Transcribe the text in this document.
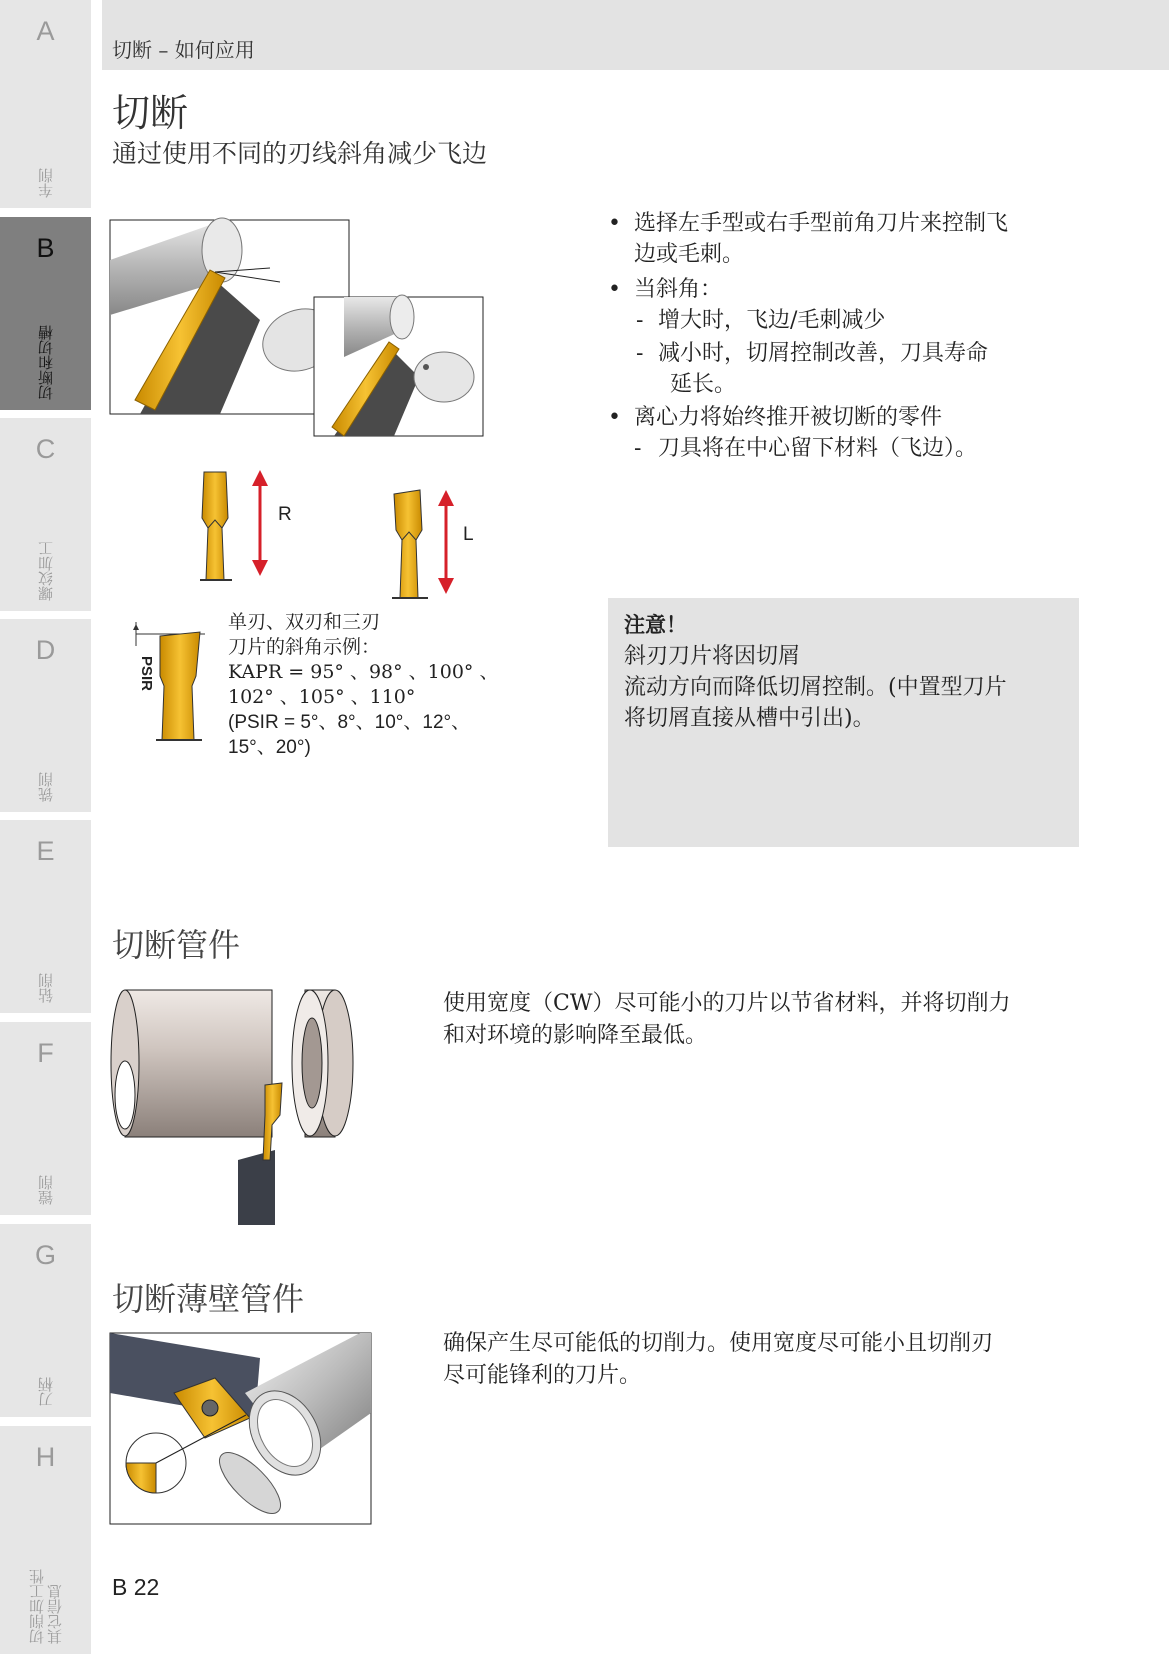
A
车削
B
切断和切槽
C
螺纹加工
D
铣削
E
钻削
F
镗削
G
刀柄
H
切削加工性
其它信息
切断 – 如何应用
切断
通过使用不同的刃线斜角减少飞边
R
L
PSIR
单刃、双刃和三刃
刀片的斜角示例：
KAPR = 95° 、98° 、100° 、
102° 、105° 、110°
(PSIR = 5°、8°、10°、12°、
15°、20°)
• 选择左手型或右手型前角刀片来控制飞
边或毛刺。
• 当斜角：
- 增大时，飞边/毛刺减少
- 减小时，切屑控制改善，刀具寿命
延长。
• 离心力将始终推开被切断的零件
- 刀具将在中心留下材料（飞边）。
注意！
斜刃刀片将因切屑
流动方向而降低切屑控制。(中置型刀片
将切屑直接从槽中引出)。
切断管件
使用宽度（CW）尽可能小的刀片以节省材料，并将切削力
和对环境的影响降至最低。
切断薄壁管件
确保产生尽可能低的切削力。使用宽度尽可能小且切削刃
尽可能锋利的刀片。
B 22
